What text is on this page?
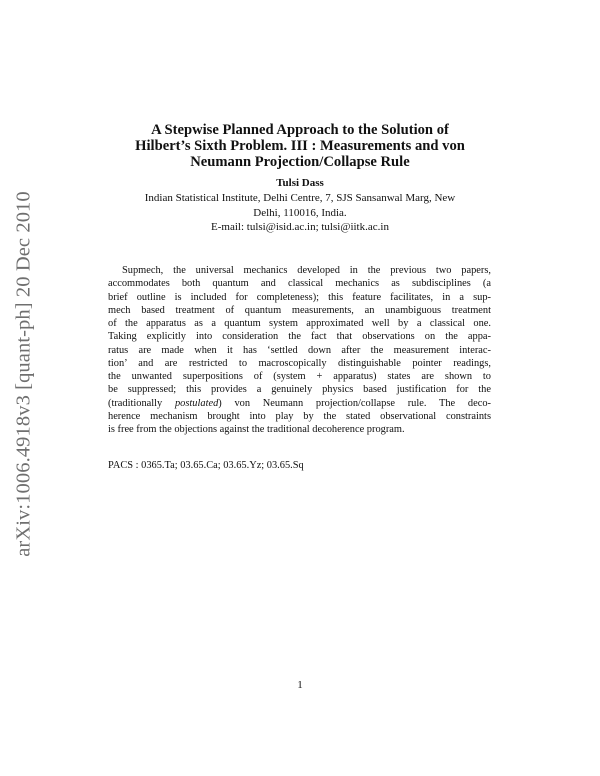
arXiv:1006.4918v3 [quant-ph] 20 Dec 2010
A Stepwise Planned Approach to the Solution of
Hilbert’s Sixth Problem. III : Measurements and von
Neumann Projection/Collapse Rule
Tulsi Dass
Indian Statistical Institute, Delhi Centre, 7, SJS Sansanwal Marg, New
Delhi, 110016, India.
E-mail: tulsi@isid.ac.in; tulsi@iitk.ac.in
Supmech, the universal mechanics developed in the previous two papers,
accommodates both quantum and classical mechanics as subdisciplines (a
brief outline is included for completeness); this feature facilitates, in a sup-
mech based treatment of quantum measurements, an unambiguous treatment
of the apparatus as a quantum system approximated well by a classical one.
Taking explicitly into consideration the fact that observations on the appa-
ratus are made when it has ‘settled down after the measurement interac-
tion’ and are restricted to macroscopically distinguishable pointer readings,
the unwanted superpositions of (system + apparatus) states are shown to
be suppressed; this provides a genuinely physics based justification for the
(traditionally postulated) von Neumann projection/collapse rule. The deco-
herence mechanism brought into play by the stated observational constraints
is free from the objections against the traditional decoherence program.
PACS : 0365.Ta; 03.65.Ca; 03.65.Yz; 03.65.Sq
1
